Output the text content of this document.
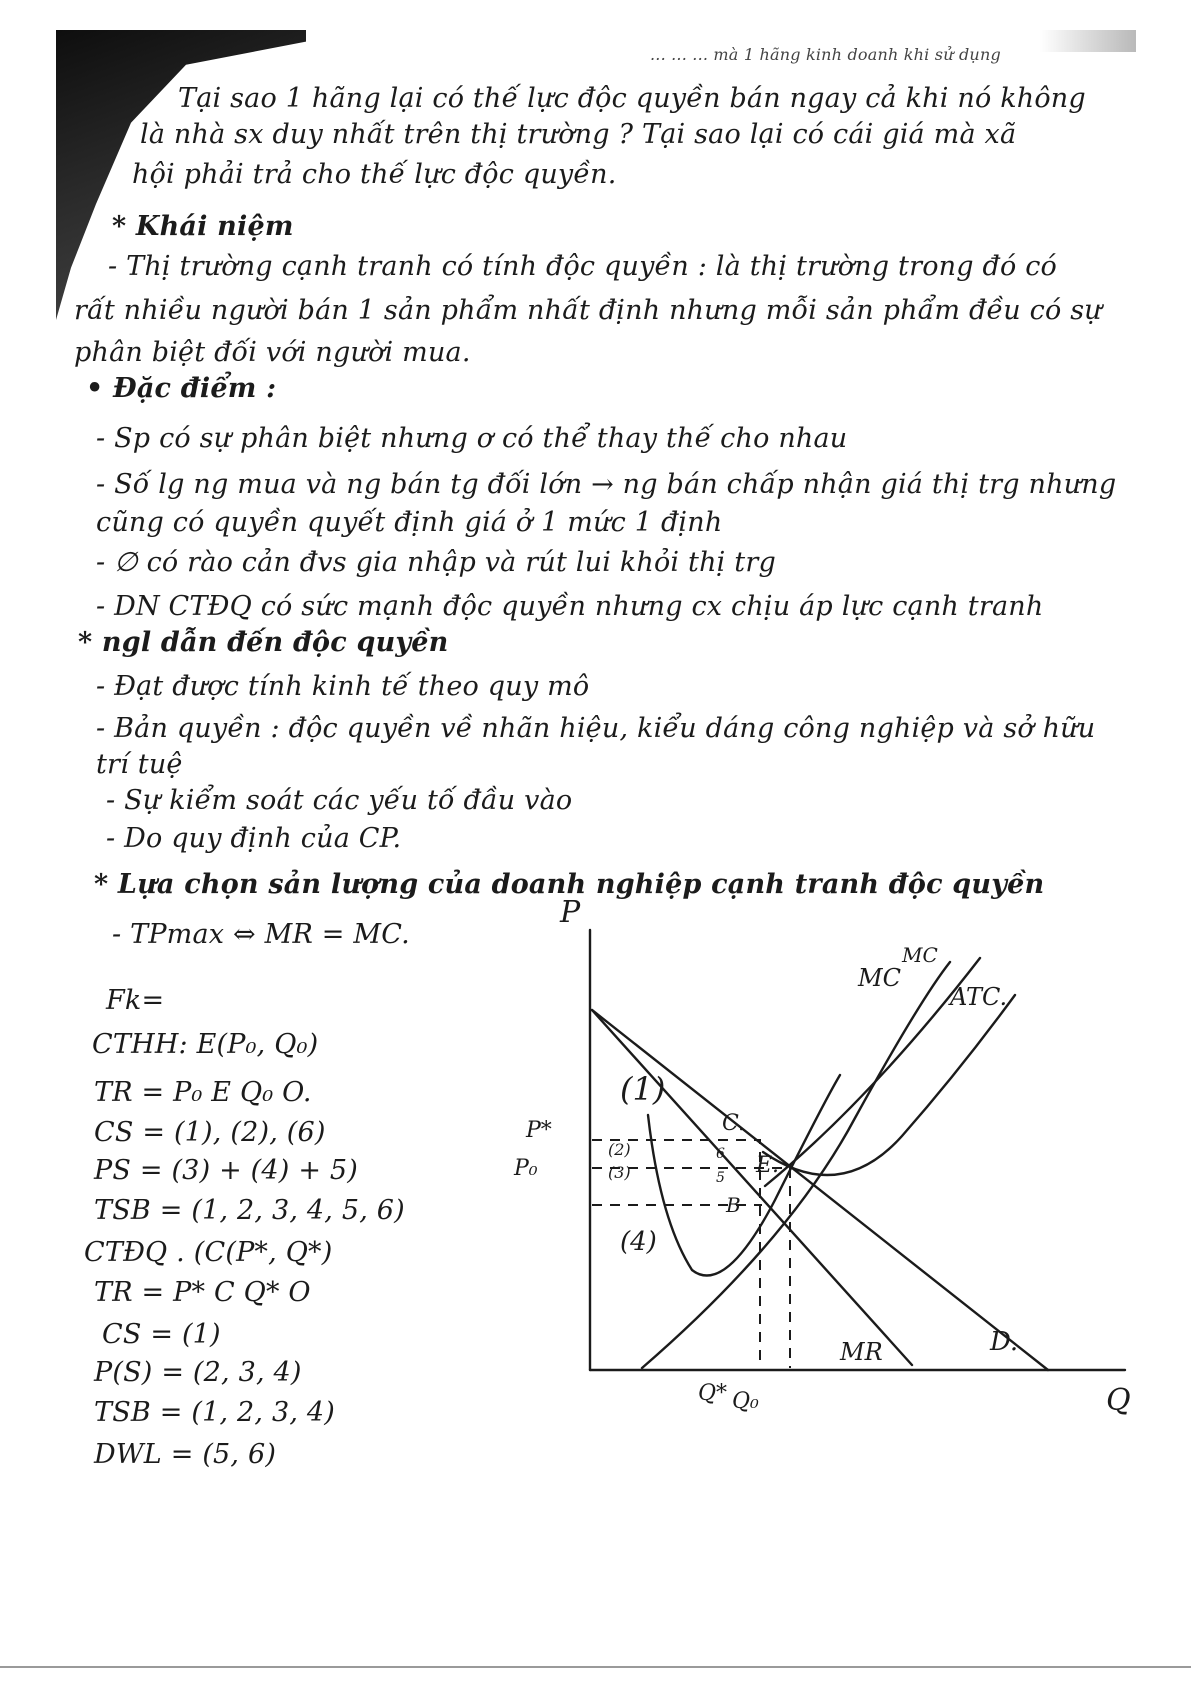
... ... ... mà 1 hãng kinh doanh khi sử dụng

Tại sao 1 hãng lại có thế lực độc quyền bán ngay cả khi nó không

là nhà sx duy nhất trên thị trường ? Tại sao lại có cái giá mà xã

hội phải trả cho thế lực độc quyền.

* Khái niệm

- Thị trường cạnh tranh có tính độc quyền : là thị trường trong đó có

rất nhiều người bán 1 sản phẩm nhất định nhưng mỗi sản phẩm đều có sự

phân biệt đối với người mua.

• Đặc điểm :

- Sp có sự phân biệt nhưng ơ có thể thay thế cho nhau

- Số lg ng mua và ng bán tg đối lớn → ng bán chấp nhận giá thị trg nhưng

cũng có quyền quyết định giá ở 1 mức 1 định

- ∅ có rào cản đvs gia nhập và rút lui khỏi thị trg

- DN CTĐQ có sức mạnh độc quyền nhưng cx chịu áp lực cạnh tranh

* ngl dẫn đến độc quyền

- Đạt được tính kinh tế theo quy mô

- Bản quyền : độc quyền về nhãn hiệu, kiểu dáng công nghiệp và sở hữu

trí tuệ

- Sự kiểm soát các yếu tố đầu vào

- Do quy định của CP.

* Lựa chọn sản lượng của doanh nghiệp cạnh tranh độc quyền

- TPmax ⇔ MR = MC.

Fk=

CTHH: E(P₀, Q₀)

TR = P₀ E Q₀ O.

CS = (1), (2), (6)

PS = (3) + (4) + 5)

TSB = (1, 2, 3, 4, 5, 6)

CTĐQ . (C(P*, Q*)

TR = P* C Q* O

CS = (1)

P(S) = (2, 3, 4)

TSB = (1, 2, 3, 4)

DWL = (5, 6)

P
Q
MC
MC
ATC.
MR	D.
P*
P₀
Q* Q₀
C.
E.
B
(1)
(2)
(3)
(4)
5
6
